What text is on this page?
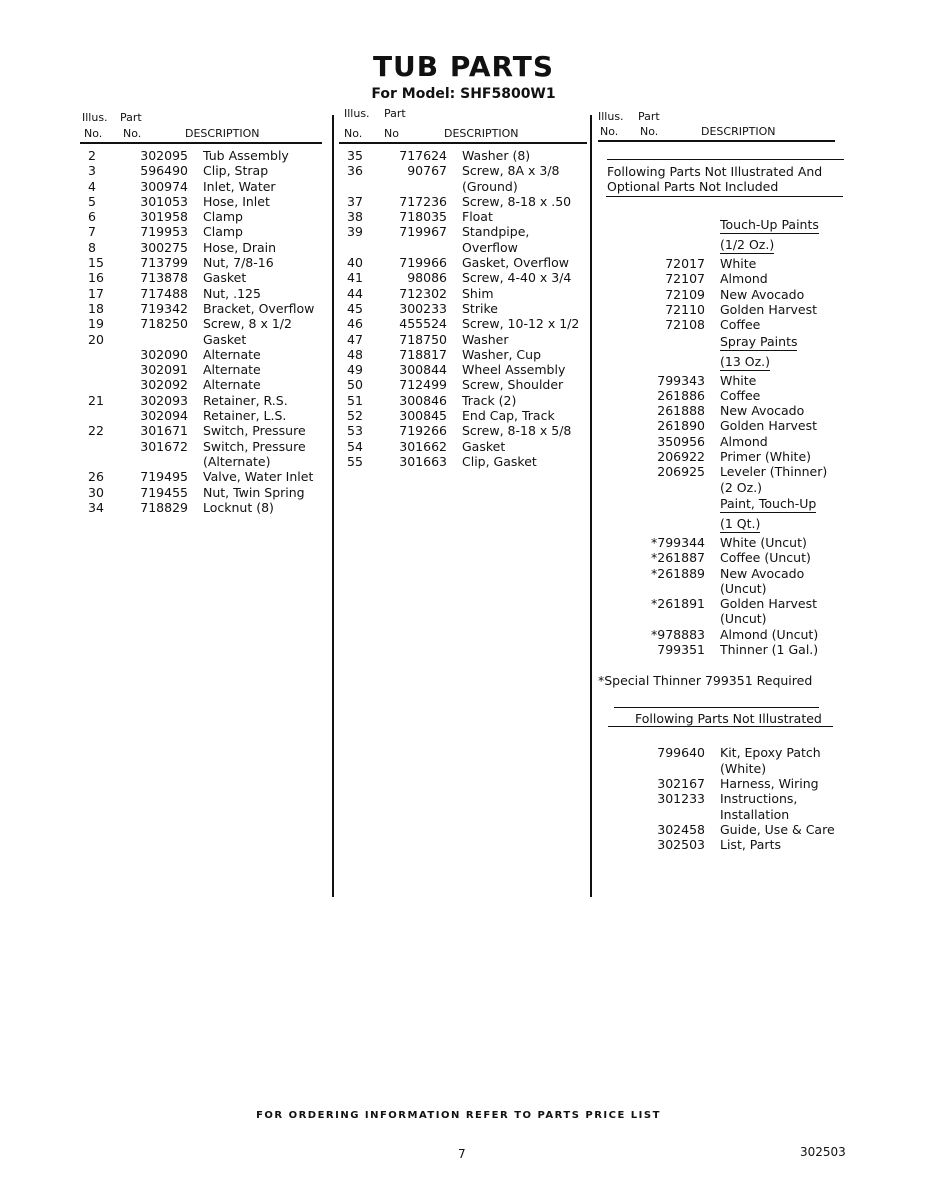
TUB PARTS
For Model: SHF5800W1
Illus. Part
No. No.	DESCRIPTION
Illus. Part
No. No	DESCRIPTION
Illus. Part
No. No.	DESCRIPTION
2	302095 Tub Assembly
3	596490 Clip, Strap
4	300974 Inlet, Water
5	301053 Hose, Inlet
6	301958 Clamp
7	719953 Clamp
8	300275 Hose, Drain
15	713799 Nut, 7/8-16
16	713878 Gasket
17	717488 Nut, .125
18	719342 Bracket, Overflow
19	718250 Screw, 8 x 1/2
20	Gasket
302090 Alternate
302091 Alternate
302092 Alternate
21	302093 Retainer, R.S.
302094 Retainer, L.S.
22	301671 Switch, Pressure
301672 Switch, Pressure
(Alternate)
26	719495 Valve, Water Inlet
30	719455 Nut, Twin Spring
34	718829 Locknut (8)
35	717624 Washer (8)
36	90767 Screw, 8A x 3/8
(Ground)
37	717236 Screw, 8-18 x .50
38	718035 Float
39	719967 Standpipe,
Overflow
40	719966 Gasket, Overflow
41	98086 Screw, 4-40 x 3/4
44	712302 Shim
45	300233 Strike
46	455524 Screw, 10-12 x 1/2
47	718750 Washer
48	718817 Washer, Cup
49	300844 Wheel Assembly
50	712499 Screw, Shoulder
51	300846 Track (2)
52	300845 End Cap, Track
53	719266 Screw, 8-18 x 5/8
54	301662 Gasket
55	301663 Clip, Gasket
Following Parts Not Illustrated And
Optional Parts Not Included
Touch-Up Paints
(1/2 Oz.)
72017 White
72107 Almond
72109 New Avocado
72110 Golden Harvest
72108 Coffee
Spray Paints
(13 Oz.)
799343 White
261886 Coffee
261888 New Avocado
261890 Golden Harvest
350956 Almond
206922 Primer (White)
206925 Leveler (Thinner)
(2 Oz.)
Paint, Touch-Up
(1 Qt.)
*799344 White (Uncut)
*261887 Coffee (Uncut)
*261889 New Avocado
(Uncut)
*261891 Golden Harvest
(Uncut)
*978883 Almond (Uncut)
799351 Thinner (1 Gal.)
*Special Thinner 799351 Required
Following Parts Not Illustrated
799640 Kit, Epoxy Patch
(White)
302167 Harness, Wiring
301233 Instructions,
Installation
302458 Guide, Use & Care
302503 List, Parts
FOR ORDERING INFORMATION REFER TO PARTS PRICE LIST
7	302503
